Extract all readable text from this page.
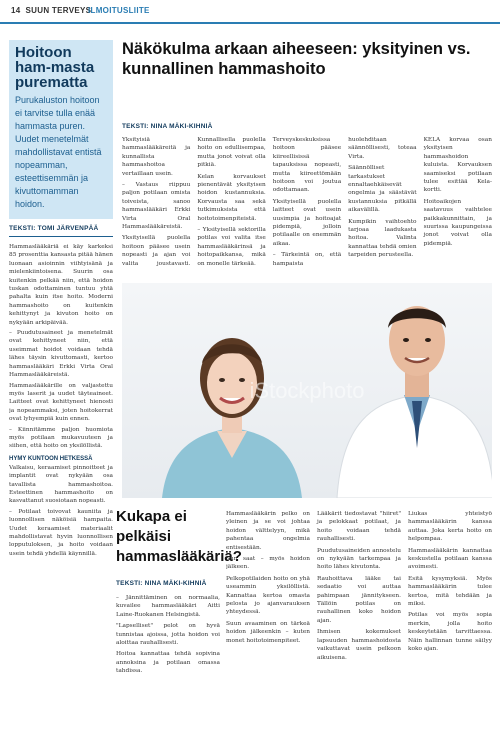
14 SUUN TERVEYS
ILMOITUSLIITE
Hoitoon ham-masta purematta

Purukaluston hoitoon ei tarvitse tulla enää hammasta puren. Uudet menetelmät mahdollistavat entistä nopeamman, esteettisemmän ja kivuttomamman hoidon.

TEKSTI: TOMI JÄRVENPÄÄ

Hammaslääkäriä ei käy karkeksi 85 prosenttia kansasta pitää hänen luonaan asioinnin viihtyisänä ja mielenkiintoisena. Suurin osa kuitenkin pelkää niin, että hoidon tuskan odottaminen tuntuu yhtä pahalta kuin itse hoito. Moderni hammashoito on kuitenkin kehittynyt ja kivuton hoito on nykyään arkipäivää.

– Puudutusaineet ja menetelmät ovat kehittyneet niin, että useimmat hoidot voidaan tehdä lähes täysin kivuttomasti, kertoo hammaslääkäri Erkki Virta Oral Hammaslääkäreistä.

Hammaslääkärille on valjastettu myös laserit ja uudet täyteaineet. Laitteet ovat kehittyneet hienosti ja nopeammaksi, joten hoitokerrat ovat lyhyempiä kuin ennen.

– Kiinnitämme paljon huomiota myös potilaan mukavuuteen ja siihen, että hoito on yksilöllistä.

HYMY KUNTOON HETKESSÄ

Valkaisu, keraamiset pinnoitteet ja implantit ovat nykyään osa tavallista hammashoitoa. Esteettinen hammashoito on kasvattanut suosiotaan nopeasti.

– Potilaat toivovat kauniita ja luonnollisen näköisiä hampaita. Uudet keraamiset materiaalit mahdollistavat hyvin luonnollisen lopputuloksen, ja hoito voidaan usein tehdä yhdellä käynnillä.

Näkökulma arkaan aiheeseen: yksityinen vs. kunnallinen hammashoito
TEKSTI: NINA MÄKI-KIHNIÄ

Yksityisiä hammaslääkäreitä ja kunnallista hammashoitoa vertaillaan usein.

– Vastaus riippuu paljon potilaan omista toiveista, sanoo hammaslääkäri Erkki Virta Oral Hammaslääkäreistä.

Yksityisellä puolella hoitoon pääsee usein nopeasti ja ajan voi valita joustavasti. Kunnallisella puolella hoito on edullisempaa, mutta jonot voivat olla pitkiä.

Kelan korvaukset pienentävät yksityisen hoidon kustannuksia. Korvausta saa sekä tutkimuksista että hoitotoimenpiteistä.

– Yksityisellä sektorilla potilas voi valita itse hammaslääkärinsä ja hoitopaikkansa, mikä on monelle tärkeää.

Terveyskeskuksissa hoitoon pääsee kiireellisissä tapauksissa nopeasti, mutta kiireettömään hoitoon voi joutua odottamaan.

Yksityisellä puolella laitteet ovat usein uusimpia ja hoitoajat pidempiä, jolloin potilaalle on enemmän aikaa.

– Tärkeintä on, että hampaista huolehditaan säännöllisesti, toteaa Virta.

Säännölliset tarkastukset ennaltaehkäisevät ongelmia ja säästävät kustannuksia pitkällä aikavälillä.

Kumpikin vaihtoehto tarjoaa laadukasta hoitoa. Valinta kannattaa tehdä omien tarpeiden perusteella.

KELA korvaa osan yksityisen hammashoidon kuluista. Korvauksen saamiseksi potilaan tulee esittää Kela-kortti.

Hoitoaikojen saatavuus vaihtelee paikkakunnittain, ja suurissa kaupungeissa jonot voivat olla pidempiä.

iStockphoto
Kukapa ei pelkäisi hammaslääkäriä?
TEKSTI: NINA MÄKI-KIHNIÄ

– Jännittäminen on normaalia, kuvailee hammaslääkäri Aitti Laine-Ruokanen Helsingistä.

"Lapselliset" pelot on hyvä tunnistaa ajoissa, jotta hoidon voi aloittaa rauhallisesti.

Hoitoa kannattaa tehdä sopivina annoksina ja potilaan omassa tahdissa.

Hammaslääkärin pelko on yleinen ja se voi johtaa hoidon välttelyyn, mikä pahentaa ongelmia entisestään.

Sun saat – myös hoidon jälkeen.

Pelkopotilaiden hoito on yhä useammin yksilöllistä. Kannattaa kertoa omasta pelosta jo ajanvarauksen yhteydessä.

Suun avaaminen on tärkeä hoidon jälkeenkin – kuten monet hoitotoimenpiteet.

Lääkärit tiedostavat "hiiret" ja pelokkaat potilaat, ja hoito voidaan tehdä rauhallisesti.

Puudutusaineiden annostelu on nykyään tarkempaa ja hoito lähes kivutonta.

Rauhoittava lääke tai sedaatio voi auttaa pahimpaan jännitykseen. Tällöin potilas on rauhallinen koko hoidon ajan.

Ihmisen kokemukset lapsuuden hammashoidosta vaikuttavat usein pelkoon aikuisena.

Liukas yhteistyö hammaslääkärin kanssa auttaa. Joka kerta hoito on helpompaa.

Hammaslääkärin kannattaa keskustella potilaan kanssa avoimesti.

Esitä kysymyksiä. Myös hammaslääkärin tulee kertoa, mitä tehdään ja miksi.

Potilas voi myös sopia merkin, jolla hoito keskeytetään tarvittaessa. Näin hallinnan tunne säilyy koko ajan.
